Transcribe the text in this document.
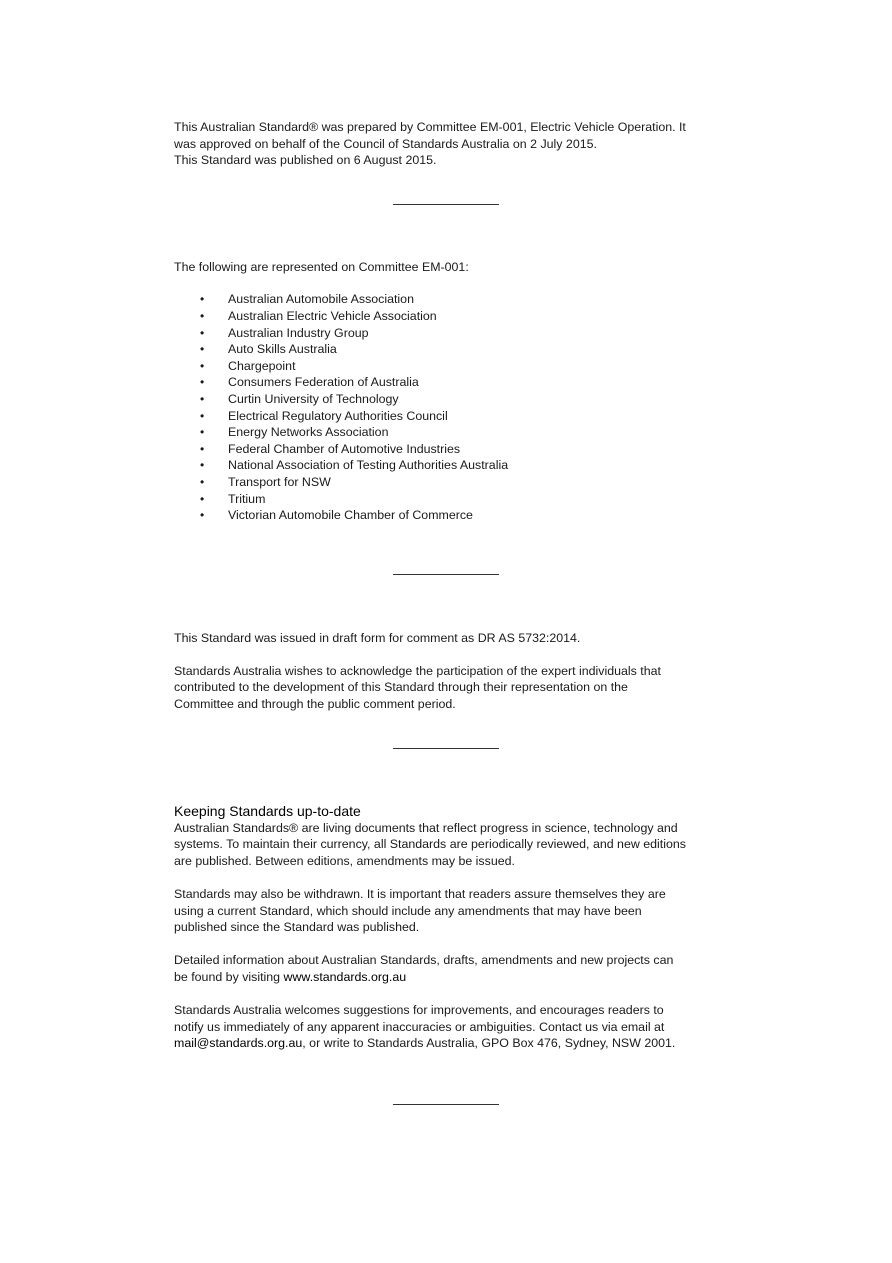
This Australian Standard® was prepared by Committee EM-001, Electric Vehicle Operation. It

was approved on behalf of the Council of Standards Australia on 2 July 2015.

This Standard was published on 6 August 2015.

The following are represented on Committee EM-001:

• Australian Automobile Association
• Australian Electric Vehicle Association
• Australian Industry Group
• Auto Skills Australia
• Chargepoint
• Consumers Federation of Australia
• Curtin University of Technology
• Electrical Regulatory Authorities Council
• Energy Networks Association
• Federal Chamber of Automotive Industries
• National Association of Testing Authorities Australia
• Transport for NSW
• Tritium
• Victorian Automobile Chamber of Commerce

This Standard was issued in draft form for comment as DR AS 5732:2014.

Standards Australia wishes to acknowledge the participation of the expert individuals that

contributed to the development of this Standard through their representation on the

Committee and through the public comment period.

Keeping Standards up-to-date

Australian Standards® are living documents that reflect progress in science, technology and

systems. To maintain their currency, all Standards are periodically reviewed, and new editions

are published. Between editions, amendments may be issued.

Standards may also be withdrawn. It is important that readers assure themselves they are

using a current Standard, which should include any amendments that may have been

published since the Standard was published.

Detailed information about Australian Standards, drafts, amendments and new projects can

be found by visiting www.standards.org.au

Standards Australia welcomes suggestions for improvements, and encourages readers to

notify us immediately of any apparent inaccuracies or ambiguities. Contact us via email at

mail@standards.org.au, or write to Standards Australia, GPO Box 476, Sydney, NSW 2001.
